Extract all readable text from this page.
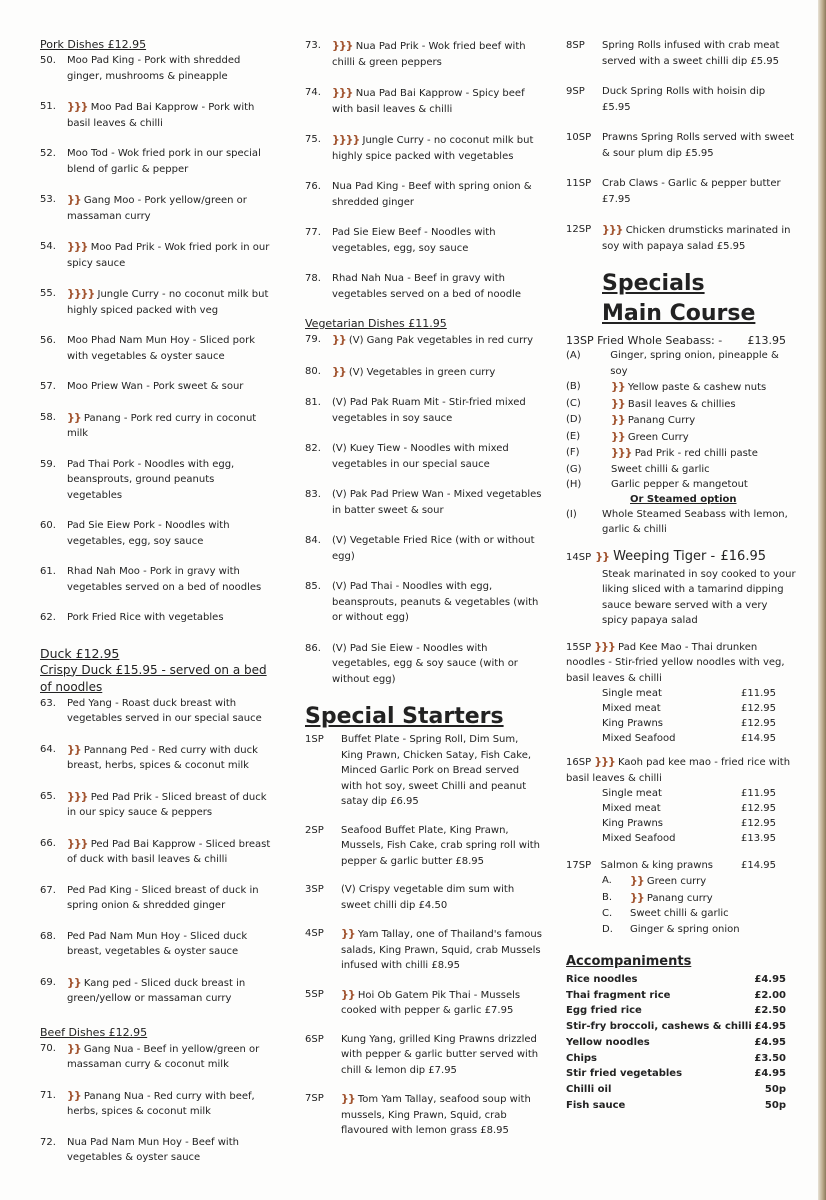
Pork Dishes £12.95
50. Moo Pad King - Pork with shredded ginger, mushrooms & pineapple
51. }}} Moo Pad Bai Kapprow - Pork with basil leaves & chilli
52. Moo Tod - Wok fried pork in our special blend of garlic & pepper
53. }} Gang Moo - Pork yellow/green or massaman curry
54. }}} Moo Pad Prik - Wok fried pork in our spicy sauce
55. }}}} Jungle Curry - no coconut milk but highly spiced packed with veg
56. Moo Phad Nam Mun Hoy - Sliced pork with vegetables & oyster sauce
57. Moo Priew Wan - Pork sweet & sour
58. }} Panang - Pork red curry in coconut milk
59. Pad Thai Pork - Noodles with egg, beansprouts, ground peanuts vegetables
60. Pad Sie Eiew Pork - Noodles with vegetables, egg, soy sauce
61. Rhad Nah Moo - Pork in gravy with vegetables served on a bed of noodles
62. Pork Fried Rice with vegetables
Duck £12.95
Crispy Duck £15.95 - served on a bed of noodles
63. Ped Yang - Roast duck breast with vegetables served in our special sauce
64. }} Pannang Ped - Red curry with duck breast, herbs, spices & coconut milk
65. }}} Ped Pad Prik - Sliced breast of duck in our spicy sauce & peppers
66. }}} Ped Pad Bai Kapprow - Sliced breast of duck with basil leaves & chilli
67. Ped Pad King - Sliced breast of duck in spring onion & shredded ginger
68. Ped Pad Nam Mun Hoy - Sliced duck breast, vegetables & oyster sauce
69. }} Kang ped - Sliced duck breast in green/yellow or massaman curry
Beef Dishes £12.95
70. }} Gang Nua - Beef in yellow/green or massaman curry & coconut milk
71. }} Panang Nua - Red curry with beef, herbs, spices & coconut milk
72. Nua Pad Nam Mun Hoy - Beef with vegetables & oyster sauce
73. }}} Nua Pad Prik - Wok fried beef with chilli & green peppers
74. }}} Nua Pad Bai Kapprow - Spicy beef with basil leaves & chilli
75. }}}} Jungle Curry - no coconut milk but highly spice packed with vegetables
76. Nua Pad King - Beef with spring onion & shredded ginger
77. Pad Sie Eiew Beef - Noodles with vegetables, egg, soy sauce
78. Rhad Nah Nua - Beef in gravy with vegetables served on a bed of noodle
Vegetarian Dishes £11.95
79. }} (V) Gang Pak vegetables in red curry
80. }} (V) Vegetables in green curry
81. (V) Pad Pak Ruam Mit - Stir-fried mixed vegetables in soy sauce
82. (V) Kuey Tiew - Noodles with mixed vegetables in our special sauce
83. (V) Pak Pad Priew Wan - Mixed vegetables in batter sweet & sour
84. (V) Vegetable Fried Rice (with or without egg)
85. (V) Pad Thai - Noodles with egg, beansprouts, peanuts & vegetables (with or without egg)
86. (V) Pad Sie Eiew - Noodles with vegetables, egg & soy sauce (with or without egg)
Special Starters
1SP Buffet Plate - Spring Roll, Dim Sum, King Prawn, Chicken Satay, Fish Cake, Minced Garlic Pork on Bread served with hot soy, sweet Chilli and peanut satay dip £6.95
2SP Seafood Buffet Plate, King Prawn, Mussels, Fish Cake, crab spring roll with pepper & garlic butter £8.95
3SP (V) Crispy vegetable dim sum with sweet chilli dip £4.50
4SP }} Yam Tallay, one of Thailand's famous salads, King Prawn, Squid, crab Mussels infused with chilli £8.95
5SP }} Hoi Ob Gatem Pik Thai - Mussels cooked with pepper & garlic £7.95
6SP Kung Yang, grilled King Prawns drizzled with pepper & garlic butter served with chill & lemon dip £7.95
7SP }} Tom Yam Tallay, seafood soup with mussels, King Prawn, Squid, crab flavoured with lemon grass £8.95
8SP Spring Rolls infused with crab meat served with a sweet chilli dip £5.95
9SP Duck Spring Rolls with hoisin dip £5.95
10SP Prawns Spring Rolls served with sweet & sour plum dip £5.95
11SP Crab Claws - Garlic & pepper butter £7.95
12SP }}} Chicken drumsticks marinated in soy with papaya salad £5.95
Specials
Main Course
13SP Fried Whole Seabass: - £13.95
(A)	Ginger, spring onion, pineapple & soy
(B)	}} Yellow paste & cashew nuts
(C)	}} Basil leaves & chillies
(D)	}} Panang Curry
(E)	}} Green Curry
(F)	}}} Pad Prik - red chilli paste
(G)	Sweet chilli & garlic
(H)	Garlic pepper & mangetout
Or Steamed option
(I)	Whole Steamed Seabass with lemon, garlic & chilli
14SP }} Weeping Tiger - £16.95
Steak marinated in soy cooked to your liking sliced with a tamarind dipping sauce beware served with a very spicy papaya salad
15SP }}} Pad Kee Mao - Thai drunken noodles - Stir-fried yellow noodles with veg, basil leaves & chilli
Single meat	£11.95
Mixed meat	£12.95
King Prawns	£12.95
Mixed Seafood	£14.95
16SP }}} Kaoh pad kee mao - fried rice with basil leaves & chilli
Single meat	£11.95
Mixed meat	£12.95
King Prawns	£12.95
Mixed Seafood	£13.95
17SP Salmon & king prawns	£14.95
A.	}} Green curry
B.	}} Panang curry
C.	Sweet chilli & garlic
D.	Ginger & spring onion
Accompaniments
Rice noodles	£4.95
Thai fragment rice	£2.00
Egg fried rice	£2.50
Stir-fry broccoli, cashews & chilli £4.95
Yellow noodles	£4.95
Chips	£3.50
Stir fried vegetables	£4.95
Chilli oil	50p
Fish sauce	50p
